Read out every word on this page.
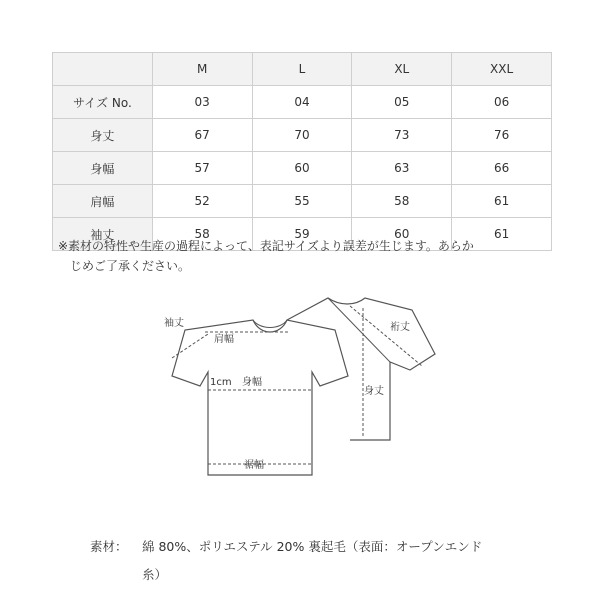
	M	L	XL	XXL
サイズ No.	03	04	05	06
身丈	67	70	73	76
身幅	57	60	63	66
肩幅	52	55	58	61
袖丈	58	59	60	61
※素材の特性や生産の過程によって、表記サイズより誤差が生じます。あらか
じめご了承ください。
袖丈
肩幅
1cm 身幅
裾幅
裄丈
身丈
素材： 綿 80%、ポリエステル 20% 裏起毛（表面：オープンエンド
糸）
